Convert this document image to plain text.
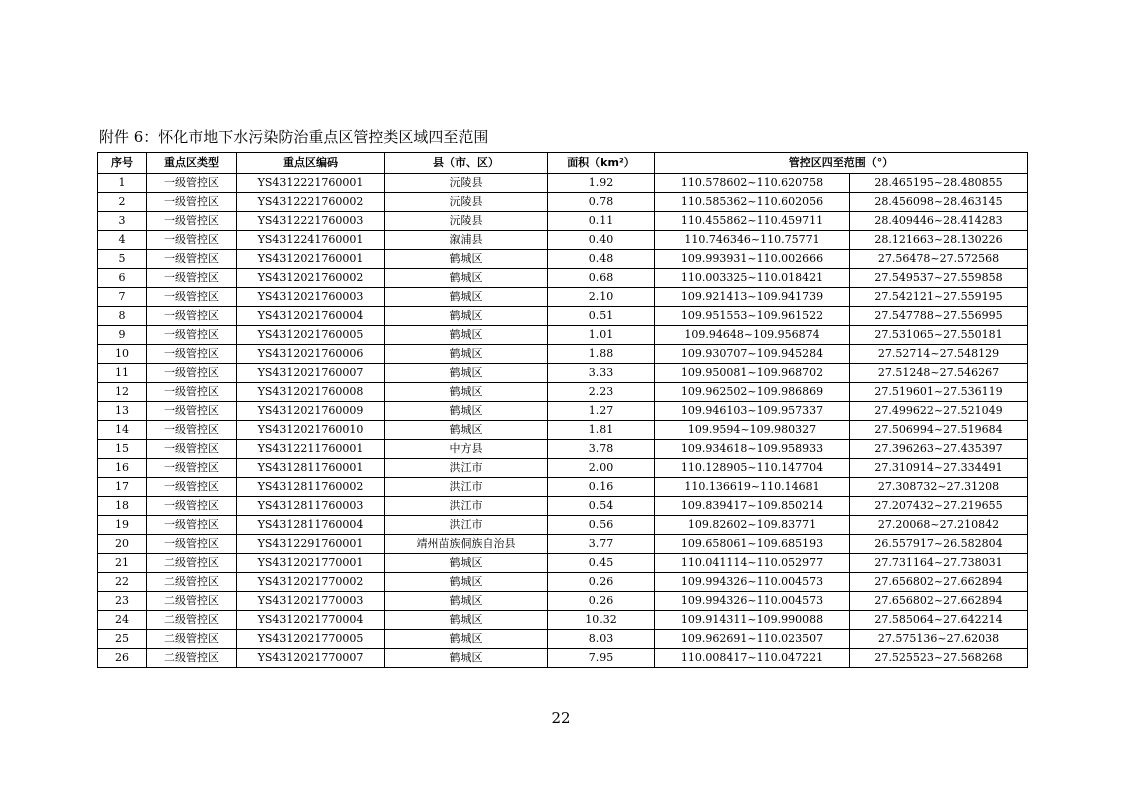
附件 6：怀化市地下水污染防治重点区管控类区域四至范围
序号	重点区类型	重点区编码	县（市、区）	面积（km²）	管控区四至范围（°）	
1	一级管控区	YS4312221760001	沅陵县	1.92	110.578602~110.620758	28.465195~28.480855
2	一级管控区	YS4312221760002	沅陵县	0.78	110.585362~110.602056	28.456098~28.463145
3	一级管控区	YS4312221760003	沅陵县	0.11	110.455862~110.459711	28.409446~28.414283
4	一级管控区	YS4312241760001	溆浦县	0.40	110.746346~110.75771	28.121663~28.130226
5	一级管控区	YS4312021760001	鹤城区	0.48	109.993931~110.002666	27.56478~27.572568
6	一级管控区	YS4312021760002	鹤城区	0.68	110.003325~110.018421	27.549537~27.559858
7	一级管控区	YS4312021760003	鹤城区	2.10	109.921413~109.941739	27.542121~27.559195
8	一级管控区	YS4312021760004	鹤城区	0.51	109.951553~109.961522	27.547788~27.556995
9	一级管控区	YS4312021760005	鹤城区	1.01	109.94648~109.956874	27.531065~27.550181
10	一级管控区	YS4312021760006	鹤城区	1.88	109.930707~109.945284	27.52714~27.548129
11	一级管控区	YS4312021760007	鹤城区	3.33	109.950081~109.968702	27.51248~27.546267
12	一级管控区	YS4312021760008	鹤城区	2.23	109.962502~109.986869	27.519601~27.536119
13	一级管控区	YS4312021760009	鹤城区	1.27	109.946103~109.957337	27.499622~27.521049
14	一级管控区	YS4312021760010	鹤城区	1.81	109.9594~109.980327	27.506994~27.519684
15	一级管控区	YS4312211760001	中方县	3.78	109.934618~109.958933	27.396263~27.435397
16	一级管控区	YS4312811760001	洪江市	2.00	110.128905~110.147704	27.310914~27.334491
17	一级管控区	YS4312811760002	洪江市	0.16	110.136619~110.14681	27.308732~27.31208
18	一级管控区	YS4312811760003	洪江市	0.54	109.839417~109.850214	27.207432~27.219655
19	一级管控区	YS4312811760004	洪江市	0.56	109.82602~109.83771	27.20068~27.210842
20	一级管控区	YS4312291760001	靖州苗族侗族自治县	3.77	109.658061~109.685193	26.557917~26.582804
21	二级管控区	YS4312021770001	鹤城区	0.45	110.041114~110.052977	27.731164~27.738031
22	二级管控区	YS4312021770002	鹤城区	0.26	109.994326~110.004573	27.656802~27.662894
23	二级管控区	YS4312021770003	鹤城区	0.26	109.994326~110.004573	27.656802~27.662894
24	二级管控区	YS4312021770004	鹤城区	10.32	109.914311~109.990088	27.585064~27.642214
25	二级管控区	YS4312021770005	鹤城区	8.03	109.962691~110.023507	27.575136~27.62038
26	二级管控区	YS4312021770007	鹤城区	7.95	110.008417~110.047221	27.525523~27.568268
22
